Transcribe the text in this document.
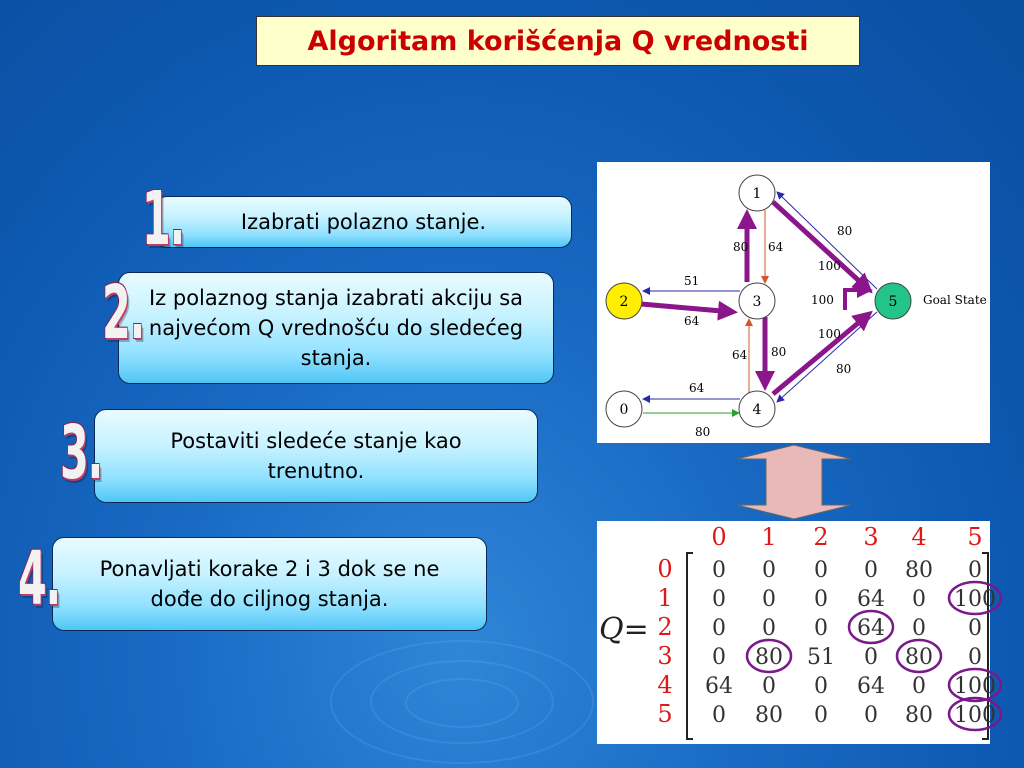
Algoritam korišćenja Q vrednosti
Izabrati polazno stanje.
1.
Iz polaznog stanja izabrati akciju sa najvećom Q vrednošću do sledećeg stanja.
2.
Postaviti sledeće stanje kao trenutno.
3.
Ponavljati korake 2 i 3 dok se ne dođe do ciljnog stanja.
4.
1
2	3	5
0	4
Goal State
80 64
80
100
51
64
100
100
80
80
64
64
80
Q=
0 1 2 3 4 5
0
1
2
3
4
5
0 0 0 0 80 0
0 0 0 64 0 100
0 0 0 64 0 0
0 80 51 0 80 0
64 0 0 64 0 100
0 80 0 0 80 100
